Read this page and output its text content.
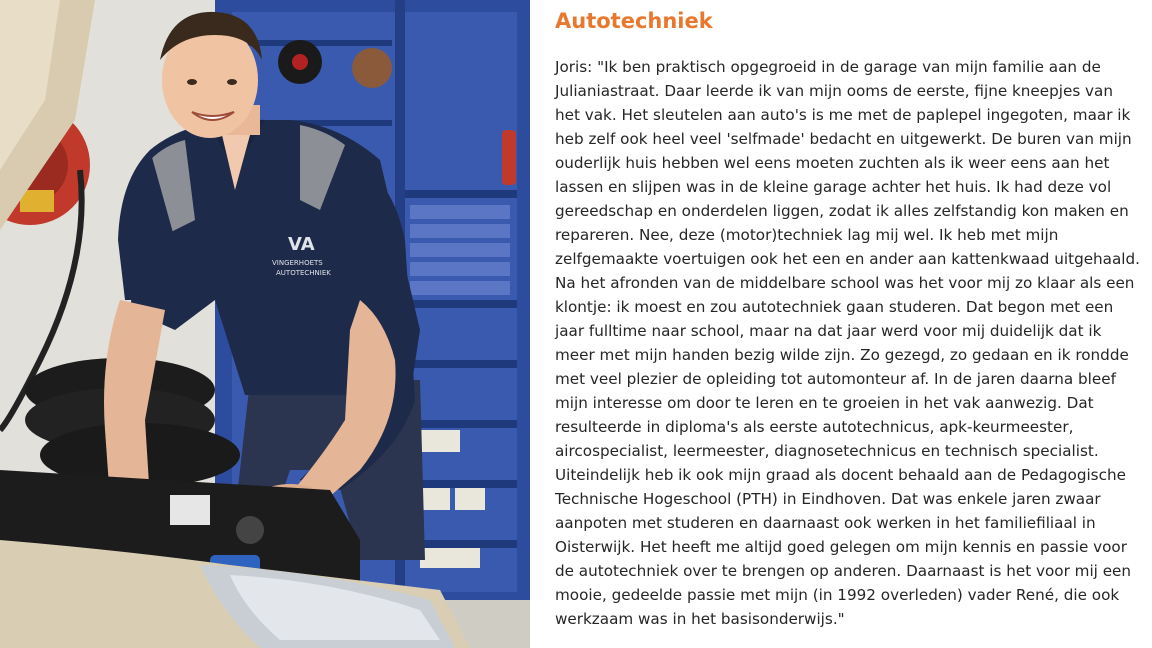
VA
VINGERHOETS
AUTOTECHNIEK
Autotechniek

Joris: "Ik ben praktisch opgegroeid in de garage van mijn familie aan de
Julianiastraat. Daar leerde ik van mijn ooms de eerste, fijne kneepjes van
het vak. Het sleutelen aan auto's is me met de paplepel ingegoten, maar ik
heb zelf ook heel veel 'selfmade' bedacht en uitgewerkt. De buren van mijn
ouderlijk huis hebben wel eens moeten zuchten als ik weer eens aan het
lassen en slijpen was in de kleine garage achter het huis. Ik had deze vol
gereedschap en onderdelen liggen, zodat ik alles zelfstandig kon maken en
repareren. Nee, deze (motor)techniek lag mij wel. Ik heb met mijn
zelfgemaakte voertuigen ook het een en ander aan kattenkwaad uitgehaald.
Na het afronden van de middelbare school was het voor mij zo klaar als een
klontje: ik moest en zou autotechniek gaan studeren. Dat begon met een
jaar fulltime naar school, maar na dat jaar werd voor mij duidelijk dat ik
meer met mijn handen bezig wilde zijn. Zo gezegd, zo gedaan en ik rondde
met veel plezier de opleiding tot automonteur af. In de jaren daarna bleef
mijn interesse om door te leren en te groeien in het vak aanwezig. Dat
resulteerde in diploma's als eerste autotechnicus, apk-keurmeester,
aircospecialist, leermeester, diagnosetechnicus en technisch specialist.
Uiteindelijk heb ik ook mijn graad als docent behaald aan de Pedagogische
Technische Hogeschool (PTH) in Eindhoven. Dat was enkele jaren zwaar
aanpoten met studeren en daarnaast ook werken in het familiefiliaal in
Oisterwijk. Het heeft me altijd goed gelegen om mijn kennis en passie voor
de autotechniek over te brengen op anderen. Daarnaast is het voor mij een
mooie, gedeelde passie met mijn (in 1992 overleden) vader René, die ook
werkzaam was in het basisonderwijs."
